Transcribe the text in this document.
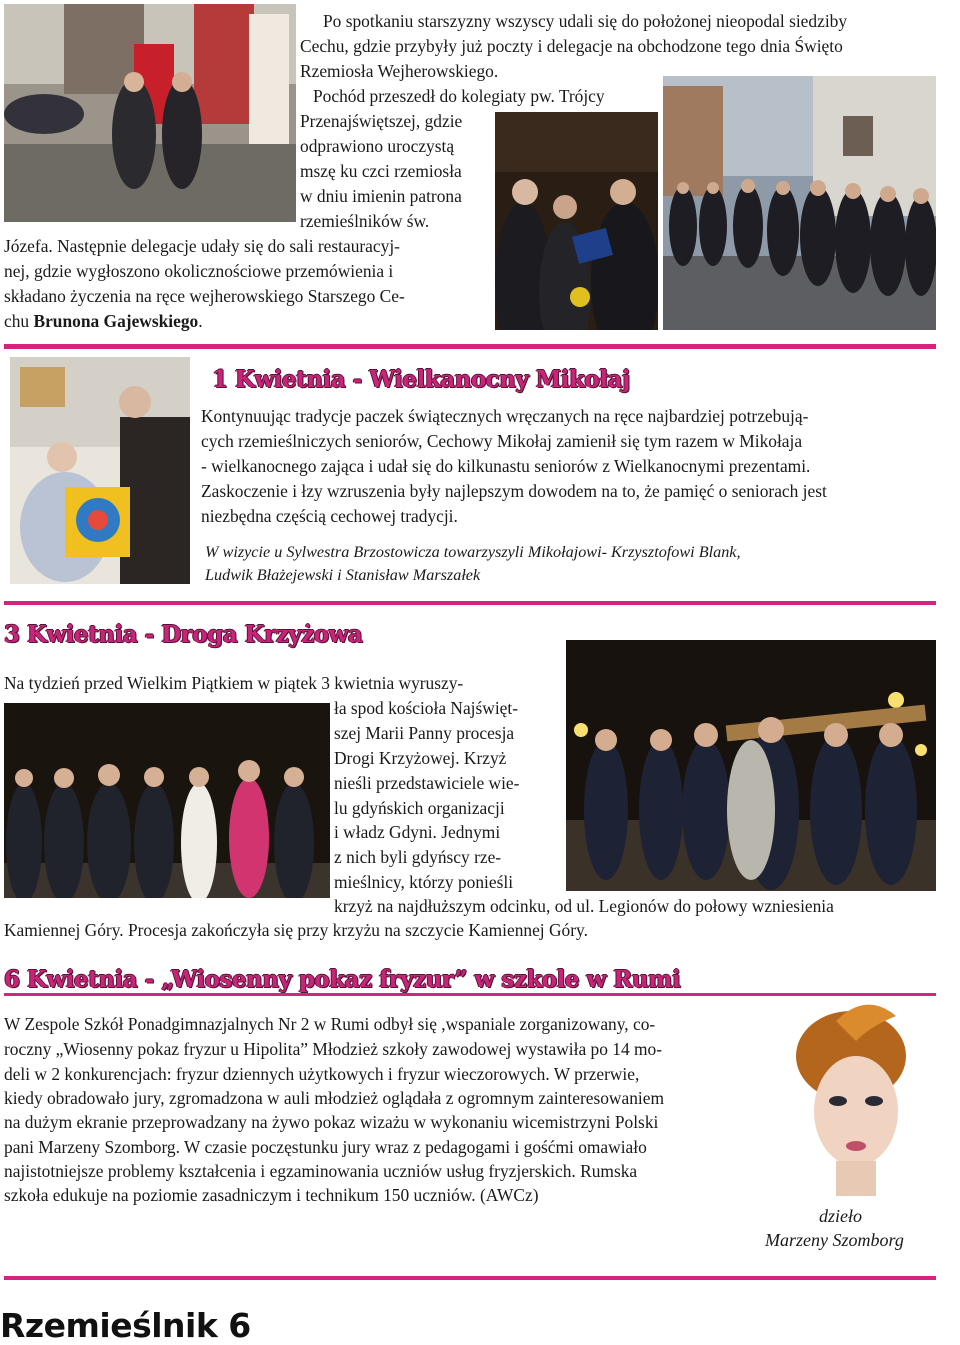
Po spotkaniu starszyzny wszyscy udali się do położonej nieopodal siedziby
Cechu, gdzie przybyły już poczty i delegacje na obchodzone tego dnia Święto
Rzemiosła Wejherowskiego.
Pochód przeszedł do kolegiaty pw. Trójcy
Przenajświętszej, gdzie
odprawiono uroczystą
mszę ku czci rzemiosła
w dniu imienin patrona
rzemieślników św.
Józefa. Następnie delegacje udały się do sali restauracyj-
nej, gdzie wygłoszono okolicznościowe przemówienia i
składano życzenia na ręce wejherowskiego Starszego Ce-
chu Brunona Gajewskiego.
1 Kwietnia - Wielkanocny Mikołaj
Kontynuując tradycje paczek świątecznych wręczanych na ręce najbardziej potrzebują-
cych rzemieślniczych seniorów, Cechowy Mikołaj zamienił się tym razem w Mikołaja
- wielkanocnego zająca i udał się do kilkunastu seniorów z Wielkanocnymi prezentami.
Zaskoczenie i łzy wzruszenia były najlepszym dowodem na to, że pamięć o seniorach jest
niezbędna częścią cechowej tradycji.
W wizycie u Sylwestra Brzostowicza towarzyszyli Mikołajowi- Krzysztofowi Blank,
Ludwik Błażejewski i Stanisław Marszałek
3 Kwietnia - Droga Krzyżowa
Na tydzień przed Wielkim Piątkiem w piątek 3 kwietnia wyruszy-
ła spod kościoła Najświęt-
szej Marii Panny procesja
Drogi Krzyżowej. Krzyż
nieśli przedstawiciele wie-
lu gdyńskich organizacji
i władz Gdyni. Jednymi
z nich byli gdyńscy rze-
mieślnicy, którzy ponieśli
krzyż na najdłuższym odcinku, od ul. Legionów do połowy wzniesienia
Kamiennej Góry. Procesja zakończyła się przy krzyżu na szczycie Kamiennej Góry.
6 Kwietnia - „Wiosenny pokaz fryzur” w szkole w Rumi
W Zespole Szkół Ponadgimnazjalnych Nr 2 w Rumi odbył się ,wspaniale zorganizowany, co-
roczny „Wiosenny pokaz fryzur u Hipolita” Młodzież szkoły zawodowej wystawiła po 14 mo-
deli w 2 konkurencjach: fryzur dziennych użytkowych i fryzur wieczorowych. W przerwie,
kiedy obradowało jury, zgromadzona w auli młodzież oglądała z ogromnym zainteresowaniem
na dużym ekranie przeprowadzany na żywo pokaz wizażu w wykonaniu wicemistrzyni Polski
pani Marzeny Szomborg. W czasie poczęstunku jury wraz z pedagogami i gośćmi omawiało
najistotniejsze problemy kształcenia i egzaminowania uczniów usług fryzjerskich. Rumska
szkoła edukuje na poziomie zasadniczym i technikum 150 uczniów. (AWCz)
dzieło
Marzeny Szomborg
Rzemieślnik 6
